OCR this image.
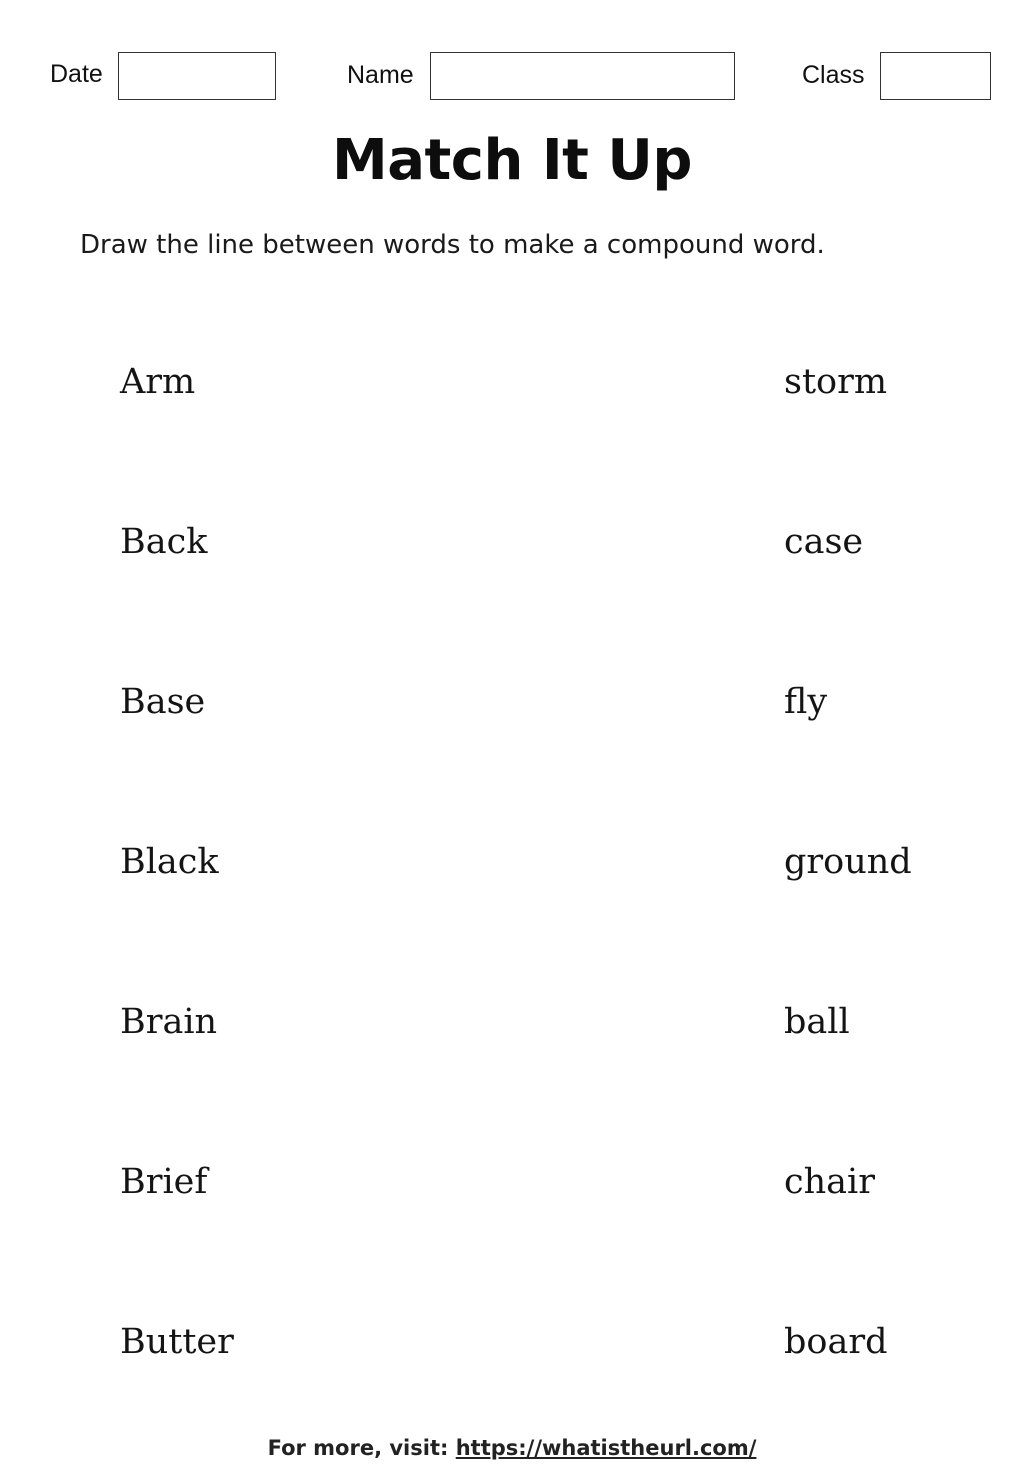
Date	Name	Class
Match It Up
Draw the line between words to make a compound word.
Arm
Back
Base
Black
Brain
Brief
Butter
storm
case
fly
ground
ball
chair
board
For more, visit: https://whatistheurl.com/
